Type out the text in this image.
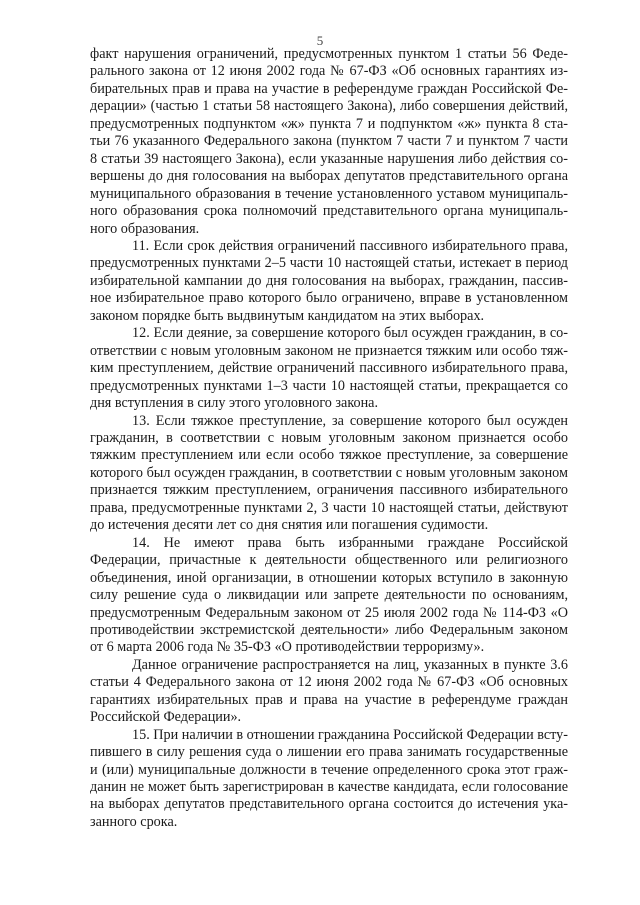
5

факт нарушения ограничений, предусмотренных пунктом 1 статьи 56 Федерального закона от 12 июня 2002 года № 67-ФЗ «Об основных гарантиях избирательных прав и права на участие в референдуме граждан Российской Федерации» (частью 1 статьи 58 настоящего Закона), либо совершения действий, предусмотренных подпунктом «ж» пункта 7 и подпунктом «ж» пункта 8 статьи 76 указанного Федерального закона (пунктом 7 части 7 и пунктом 7 части 8 статьи 39 настоящего Закона), если указанные нарушения либо действия совершены до дня голосования на выборах депутатов представительного органа муниципального образования в течение установленного уставом муниципального образования срока полномочий представительного органа муниципального образования.

11. Если срок действия ограничений пассивного избирательного права, предусмотренных пунктами 2–5 части 10 настоящей статьи, истекает в период избирательной кампании до дня голосования на выборах, гражданин, пассивное избирательное право которого было ограничено, вправе в установленном законом порядке быть выдвинутым кандидатом на этих выборах.

12. Если деяние, за совершение которого был осужден гражданин, в соответствии с новым уголовным законом не признается тяжким или особо тяжким преступлением, действие ограничений пассивного избирательного права, предусмотренных пунктами 1–3 части 10 настоящей статьи, прекращается со дня вступления в силу этого уголовного закона.

13. Если тяжкое преступление, за совершение которого был осужден гражданин, в соответствии с новым уголовным законом признается особо тяжким преступлением или если особо тяжкое преступление, за совершение которого был осужден гражданин, в соответствии с новым уголовным законом признается тяжким преступлением, ограничения пассивного избирательного права, предусмотренные пунктами 2, 3 части 10 настоящей статьи, действуют до истечения десяти лет со дня снятия или погашения судимости.

14. Не имеют права быть избранными граждане Российской Федерации, причастные к деятельности общественного или религиозного объединения, иной организации, в отношении которых вступило в законную силу решение суда о ликвидации или запрете деятельности по основаниям, предусмотренным Федеральным законом от 25 июля 2002 года № 114-ФЗ «О противодействии экстремистской деятельности» либо Федеральным законом от 6 марта 2006 года № 35-ФЗ «О противодействии терроризму».

Данное ограничение распространяется на лиц, указанных в пункте 3.6 статьи 4 Федерального закона от 12 июня 2002 года № 67-ФЗ «Об основных гарантиях избирательных прав и права на участие в референдуме граждан Российской Федерации».

15. При наличии в отношении гражданина Российской Федерации вступившего в силу решения суда о лишении его права занимать государственные и (или) муниципальные должности в течение определенного срока этот гражданин не может быть зарегистрирован в качестве кандидата, если голосование на выборах депутатов представительного органа состоится до истечения указанного срока.
